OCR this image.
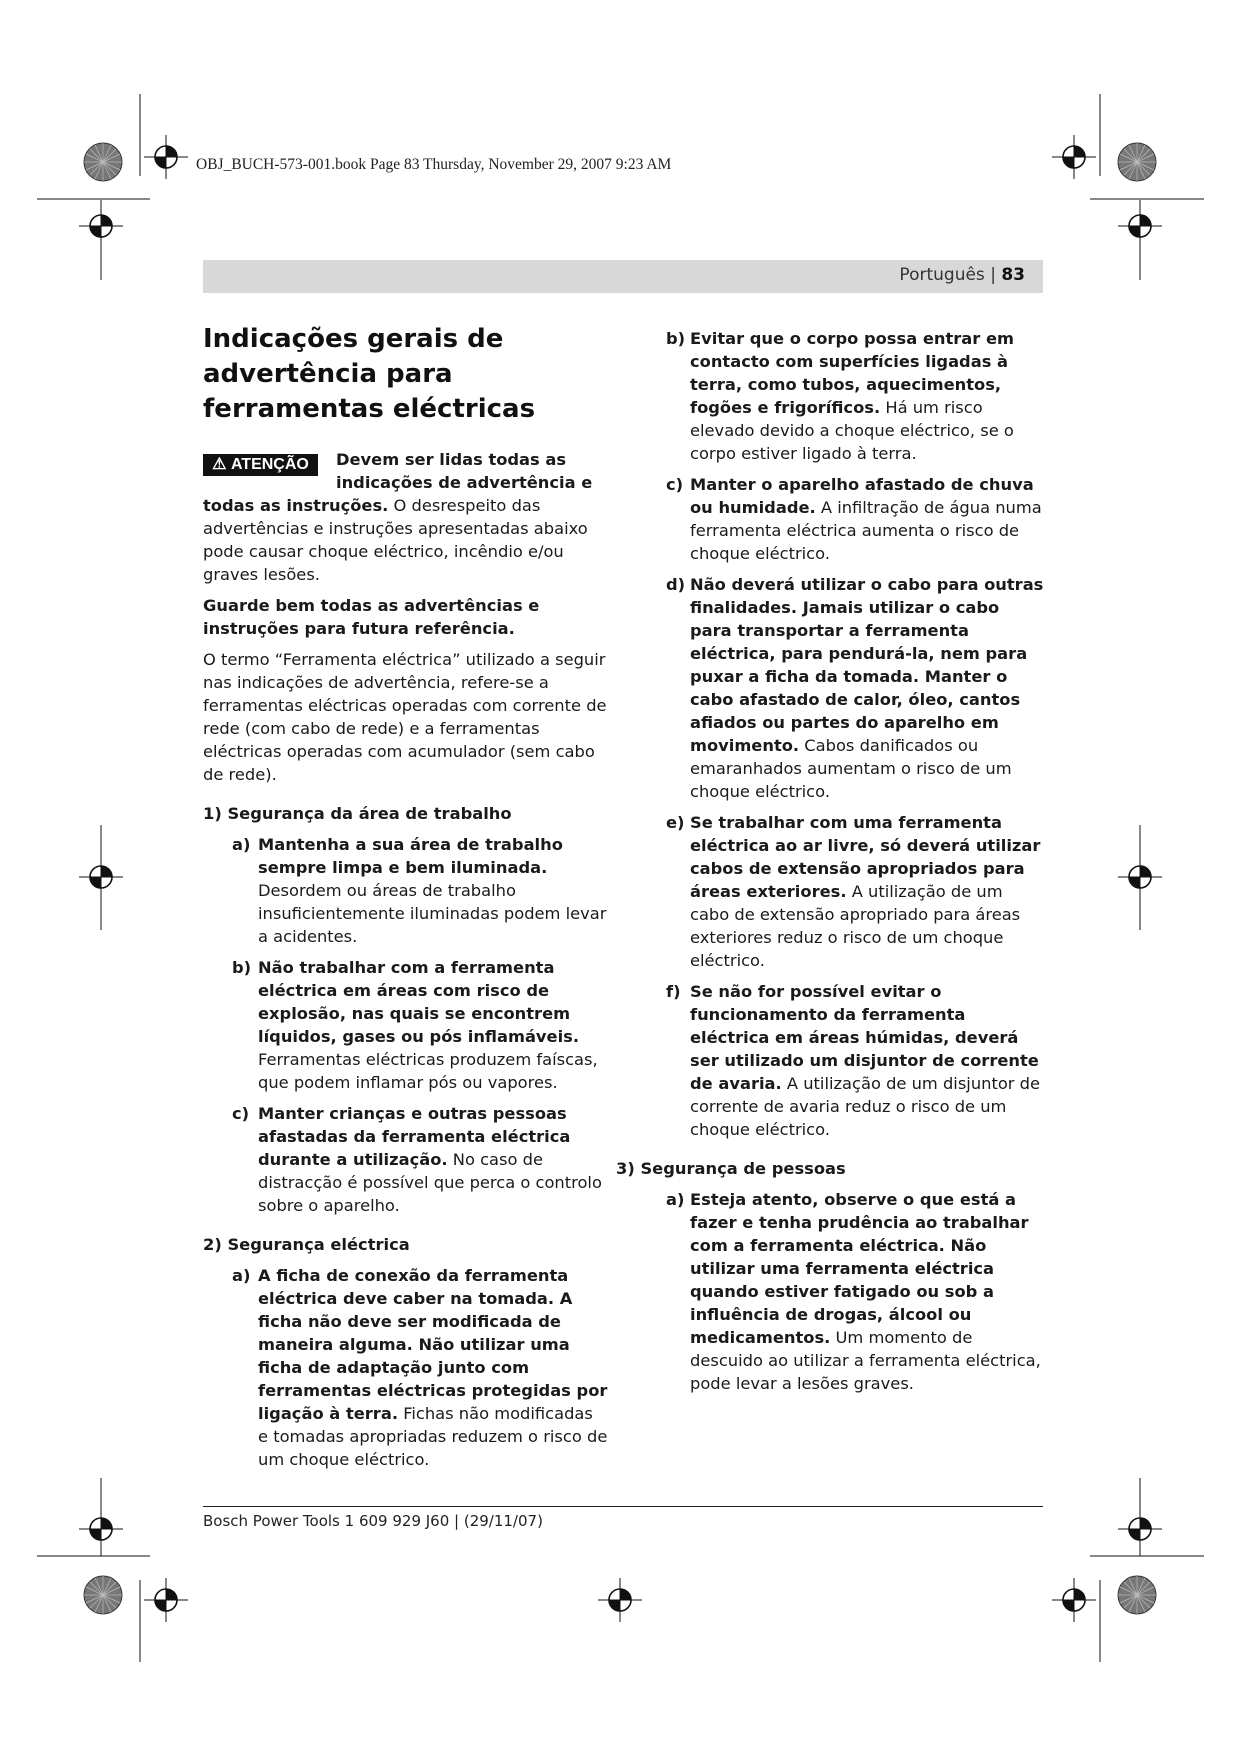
OBJ_BUCH-573-001.book Page 83 Thursday, November 29, 2007 9:23 AM
Português | 83
Indicações gerais de advertência para ferramentas eléctricas
⚠ ATENÇÃO	Devem ser lidas todas as indicações de advertência e todas as instruções. O desrespeito das advertências e instruções apresentadas abaixo pode causar choque eléctrico, incêndio e/ou graves lesões.

Guarde bem todas as advertências e instruções para futura referência.

O termo “Ferramenta eléctrica” utilizado a seguir nas indicações de advertência, refere-se a ferramentas eléctricas operadas com corrente de rede (com cabo de rede) e a ferramentas eléctricas operadas com acumulador (sem cabo de rede).

1) Segurança da área de trabalho
a) Mantenha a sua área de trabalho sempre limpa e bem iluminada. Desordem ou áreas de trabalho insuficientemente iluminadas podem levar a acidentes.
b) Não trabalhar com a ferramenta eléctrica em áreas com risco de explosão, nas quais se encontrem líquidos, gases ou pós inflamáveis. Ferramentas eléctricas produzem faíscas, que podem inflamar pós ou vapores.
c) Manter crianças e outras pessoas afastadas da ferramenta eléctrica durante a utilização. No caso de distracção é possível que perca o controlo sobre o aparelho.
2) Segurança eléctrica
a) A ficha de conexão da ferramenta eléctrica deve caber na tomada. A ficha não deve ser modificada de maneira alguma. Não utilizar uma ficha de adaptação junto com ferramentas eléctricas protegidas por ligação à terra. Fichas não modificadas e tomadas apropriadas reduzem o risco de um choque eléctrico.
b) Evitar que o corpo possa entrar em contacto com superfícies ligadas à terra, como tubos, aquecimentos, fogões e frigoríficos. Há um risco elevado devido a choque eléctrico, se o corpo estiver ligado à terra.
c) Manter o aparelho afastado de chuva ou humidade. A infiltração de água numa ferramenta eléctrica aumenta o risco de choque eléctrico.
d) Não deverá utilizar o cabo para outras finalidades. Jamais utilizar o cabo para transportar a ferramenta eléctrica, para pendurá-la, nem para puxar a ficha da tomada. Manter o cabo afastado de calor, óleo, cantos afiados ou partes do aparelho em movimento. Cabos danificados ou emaranhados aumentam o risco de um choque eléctrico.
e) Se trabalhar com uma ferramenta eléctrica ao ar livre, só deverá utilizar cabos de extensão apropriados para áreas exteriores. A utilização de um cabo de extensão apropriado para áreas exteriores reduz o risco de um choque eléctrico.
f) Se não for possível evitar o funcionamento da ferramenta eléctrica em áreas húmidas, deverá ser utilizado um disjuntor de corrente de avaria. A utilização de um disjuntor de corrente de avaria reduz o risco de um choque eléctrico.
3) Segurança de pessoas
a) Esteja atento, observe o que está a fazer e tenha prudência ao trabalhar com a ferramenta eléctrica. Não utilizar uma ferramenta eléctrica quando estiver fatigado ou sob a influência de drogas, álcool ou medicamentos. Um momento de descuido ao utilizar a ferramenta eléctrica, pode levar a lesões graves.
Bosch Power Tools 1 609 929 J60 | (29/11/07)
